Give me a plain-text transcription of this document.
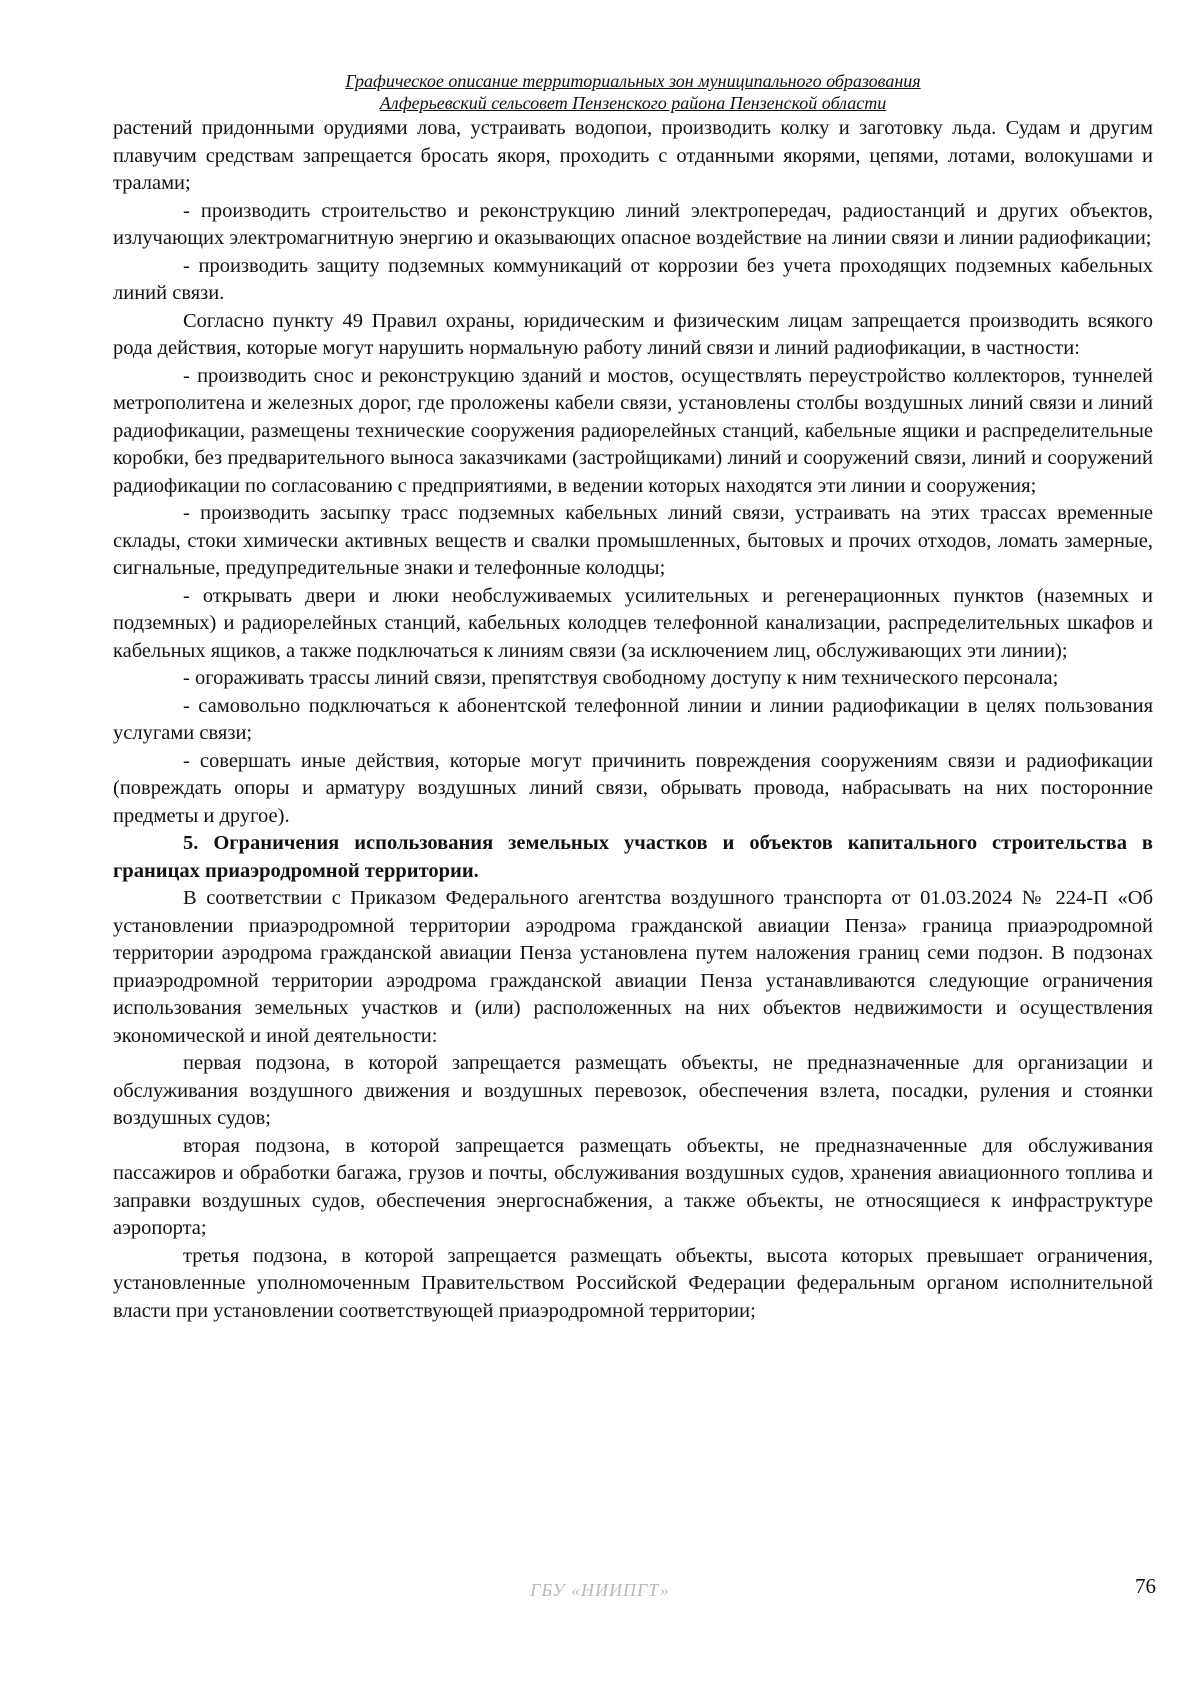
Графическое описание территориальных зон муниципального образования
Алферьевский сельсовет Пензенского района Пензенской области

растений придонными орудиями лова, устраивать водопои, производить колку и заготовку льда. Судам и другим плавучим средствам запрещается бросать якоря, проходить с отданными якорями, цепями, лотами, волокушами и тралами;

- производить строительство и реконструкцию линий электропередач, радиостанций и других объектов, излучающих электромагнитную энергию и оказывающих опасное воздействие на линии связи и линии радиофикации;

- производить защиту подземных коммуникаций от коррозии без учета проходящих подземных кабельных линий связи.

Согласно пункту 49 Правил охраны, юридическим и физическим лицам запрещается производить всякого рода действия, которые могут нарушить нормальную работу линий связи и линий радиофикации, в частности:

- производить снос и реконструкцию зданий и мостов, осуществлять переустройство коллекторов, туннелей метрополитена и железных дорог, где проложены кабели связи, установлены столбы воздушных линий связи и линий радиофикации, размещены технические сооружения радиорелейных станций, кабельные ящики и распределительные коробки, без предварительного выноса заказчиками (застройщиками) линий и сооружений связи, линий и сооружений радиофикации по согласованию с предприятиями, в ведении которых находятся эти линии и сооружения;

- производить засыпку трасс подземных кабельных линий связи, устраивать на этих трассах временные склады, стоки химически активных веществ и свалки промышленных, бытовых и прочих отходов, ломать замерные, сигнальные, предупредительные знаки и телефонные колодцы;

- открывать двери и люки необслуживаемых усилительных и регенерационных пунктов (наземных и подземных) и радиорелейных станций, кабельных колодцев телефонной канализации, распределительных шкафов и кабельных ящиков, а также подключаться к линиям связи (за исключением лиц, обслуживающих эти линии);

- огораживать трассы линий связи, препятствуя свободному доступу к ним технического персонала;

- самовольно подключаться к абонентской телефонной линии и линии радиофикации в целях пользования услугами связи;

- совершать иные действия, которые могут причинить повреждения сооружениям связи и радиофикации (повреждать опоры и арматуру воздушных линий связи, обрывать провода, набрасывать на них посторонние предметы и другое).

5. Ограничения использования земельных участков и объектов капитального строительства в границах приаэродромной территории.

В соответствии с Приказом Федерального агентства воздушного транспорта от 01.03.2024 № 224-П «Об установлении приаэродромной территории аэродрома гражданской авиации Пенза» граница приаэродромной территории аэродрома гражданской авиации Пенза установлена путем наложения границ семи подзон. В подзонах приаэродромной территории аэродрома гражданской авиации Пенза устанавливаются следующие ограничения использования земельных участков и (или) расположенных на них объектов недвижимости и осуществления экономической и иной деятельности:

первая подзона, в которой запрещается размещать объекты, не предназначенные для организации и обслуживания воздушного движения и воздушных перевозок, обеспечения взлета, посадки, руления и стоянки воздушных судов;

вторая подзона, в которой запрещается размещать объекты, не предназначенные для обслуживания пассажиров и обработки багажа, грузов и почты, обслуживания воздушных судов, хранения авиационного топлива и заправки воздушных судов, обеспечения энергоснабжения, а также объекты, не относящиеся к инфраструктуре аэропорта;

третья подзона, в которой запрещается размещать объекты, высота которых превышает ограничения, установленные уполномоченным Правительством Российской Федерации федеральным органом исполнительной власти при установлении соответствующей приаэродромной территории;

ГБУ «НИИПГТ»	76
